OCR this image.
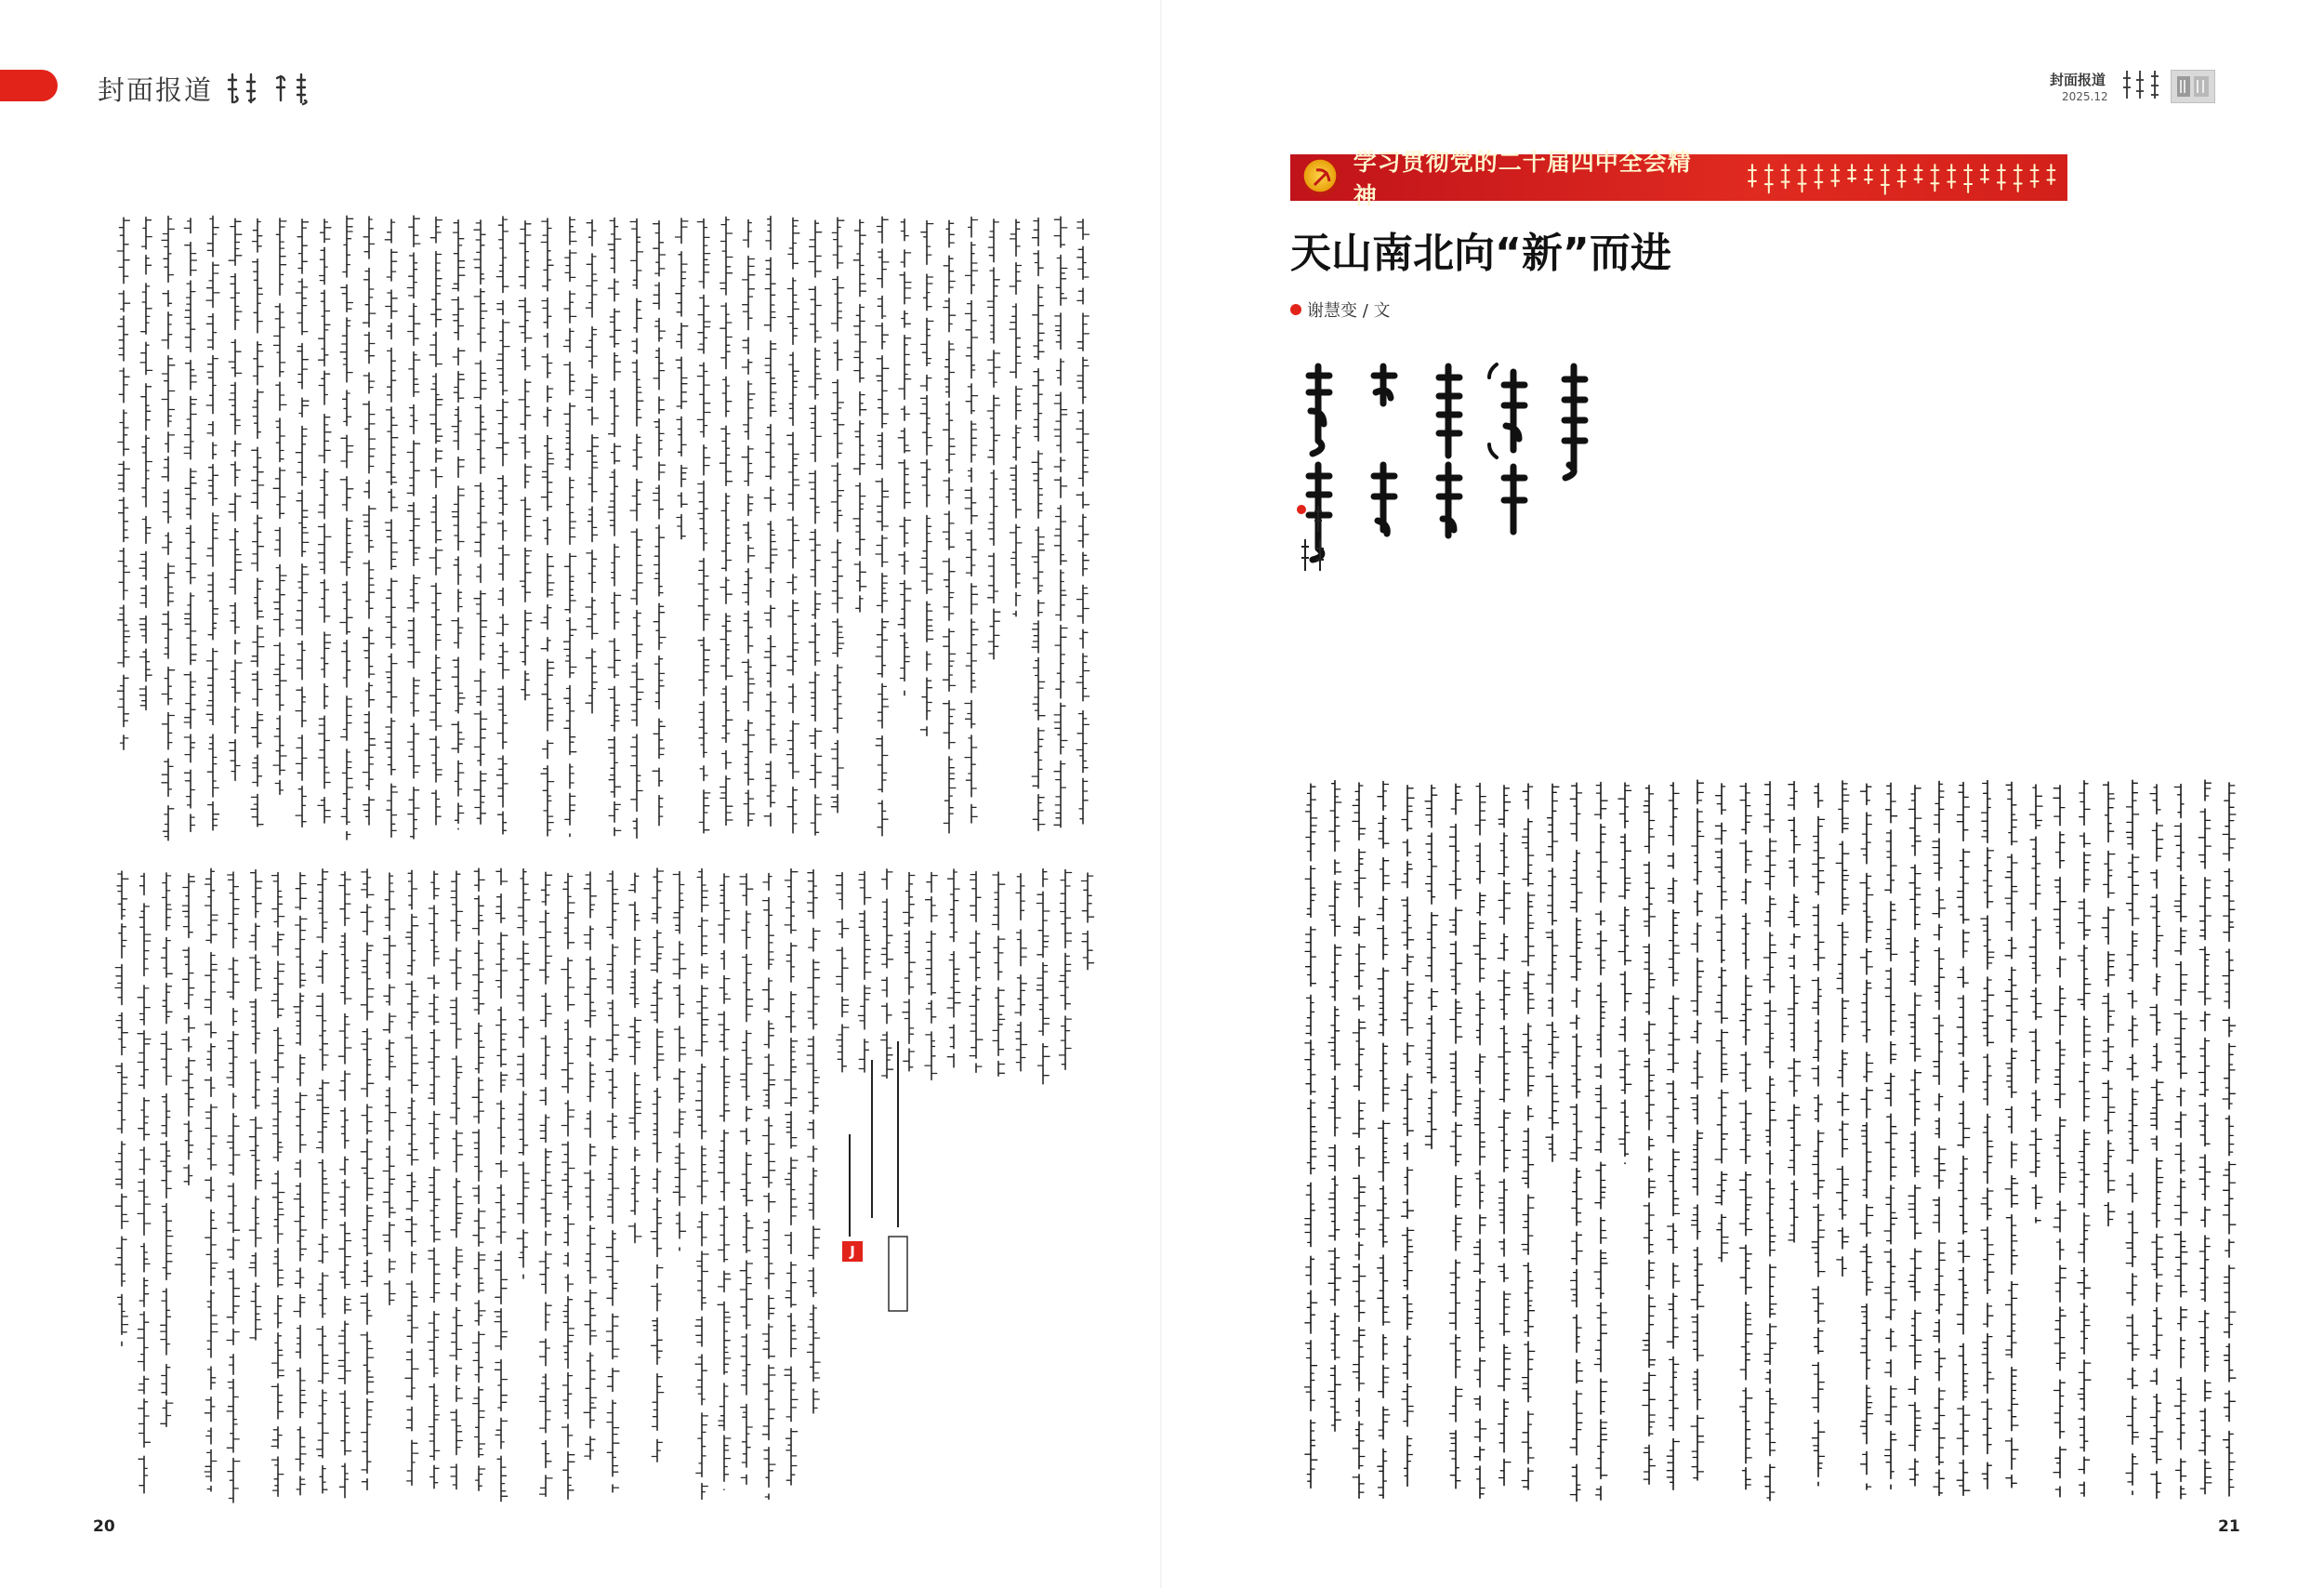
封面报道
J
20
封面报道
2025.12
学习贯彻党的二十届四中全会精神
天山南北向“新”而进
谢慧变 / 文
21
